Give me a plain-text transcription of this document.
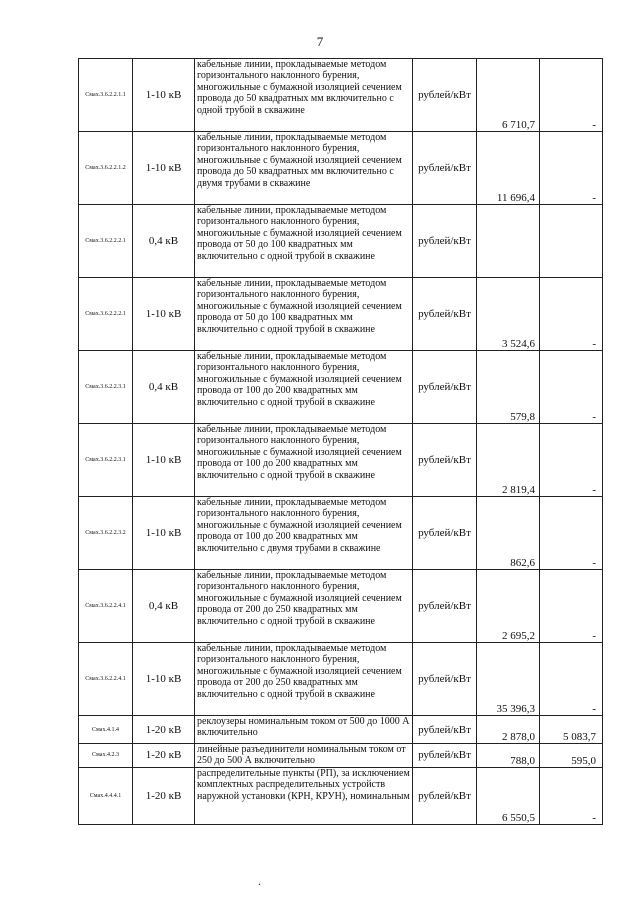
7
Смах.3.6.2.2.1.1	1-10 кВ	кабельные линии, прокладываемые методом горизонтального наклонного бурения, многожильные с бумажной изоляцией сечением провода до 50 квадратных мм включительно с одной трубой в скважине	рублей/кВт	6 710,7	-
Смах.3.6.2.2.1.2	1-10 кВ	кабельные линии, прокладываемые методом горизонтального наклонного бурения, многожильные с бумажной изоляцией сечением провода до 50 квадратных мм включительно с двумя трубами в скважине	рублей/кВт	11 696,4	-
Смах.3.6.2.2.2.1	0,4 кВ	кабельные линии, прокладываемые методом горизонтального наклонного бурения, многожильные с бумажной изоляцией сечением провода от 50 до 100 квадратных мм включительно с одной трубой в скважине	рублей/кВт		
Смах.3.6.2.2.2.1	1-10 кВ	кабельные линии, прокладываемые методом горизонтального наклонного бурения, многожильные с бумажной изоляцией сечением провода от 50 до 100 квадратных мм включительно с одной трубой в скважине	рублей/кВт	3 524,6	-
Смах.3.6.2.2.3.1	0,4 кВ	кабельные линии, прокладываемые методом горизонтального наклонного бурения, многожильные с бумажной изоляцией сечением провода от 100 до 200 квадратных мм включительно с одной трубой в скважине	рублей/кВт	579,8	-
Смах.3.6.2.2.3.1	1-10 кВ	кабельные линии, прокладываемые методом горизонтального наклонного бурения, многожильные с бумажной изоляцией сечением провода от 100 до 200 квадратных мм включительно с одной трубой в скважине	рублей/кВт	2 819,4	-
Смах.3.6.2.2.3.2	1-10 кВ	кабельные линии, прокладываемые методом горизонтального наклонного бурения, многожильные с бумажной изоляцией сечением провода от 100 до 200 квадратных мм включительно с двумя трубами в скважине	рублей/кВт	862,6	-
Смах.3.6.2.2.4.1	0,4 кВ	кабельные линии, прокладываемые методом горизонтального наклонного бурения, многожильные с бумажной изоляцией сечением провода от 200 до 250 квадратных мм включительно с одной трубой в скважине	рублей/кВт	2 695,2	-
Смах.3.6.2.2.4.1	1-10 кВ	кабельные линии, прокладываемые методом горизонтального наклонного бурения, многожильные с бумажной изоляцией сечением провода от 200 до 250 квадратных мм включительно с одной трубой в скважине	рублей/кВт	35 396,3	-
Смах.4.1.4	1-20 кВ	реклоузеры номинальным током от 500 до 1000 А включительно	рублей/кВт	2 878,0	5 083,7
Смах.4.2.3	1-20 кВ	линейные разъединители номинальным током от 250 до 500 А включительно	рублей/кВт	788,0	595,0
Смах.4.4.4.1	1-20 кВ	распределительные пункты (РП), за исключением комплектных распределительных устройств наружной установки (КРН, КРУН), номинальным	рублей/кВт	6 550,5	-
.
